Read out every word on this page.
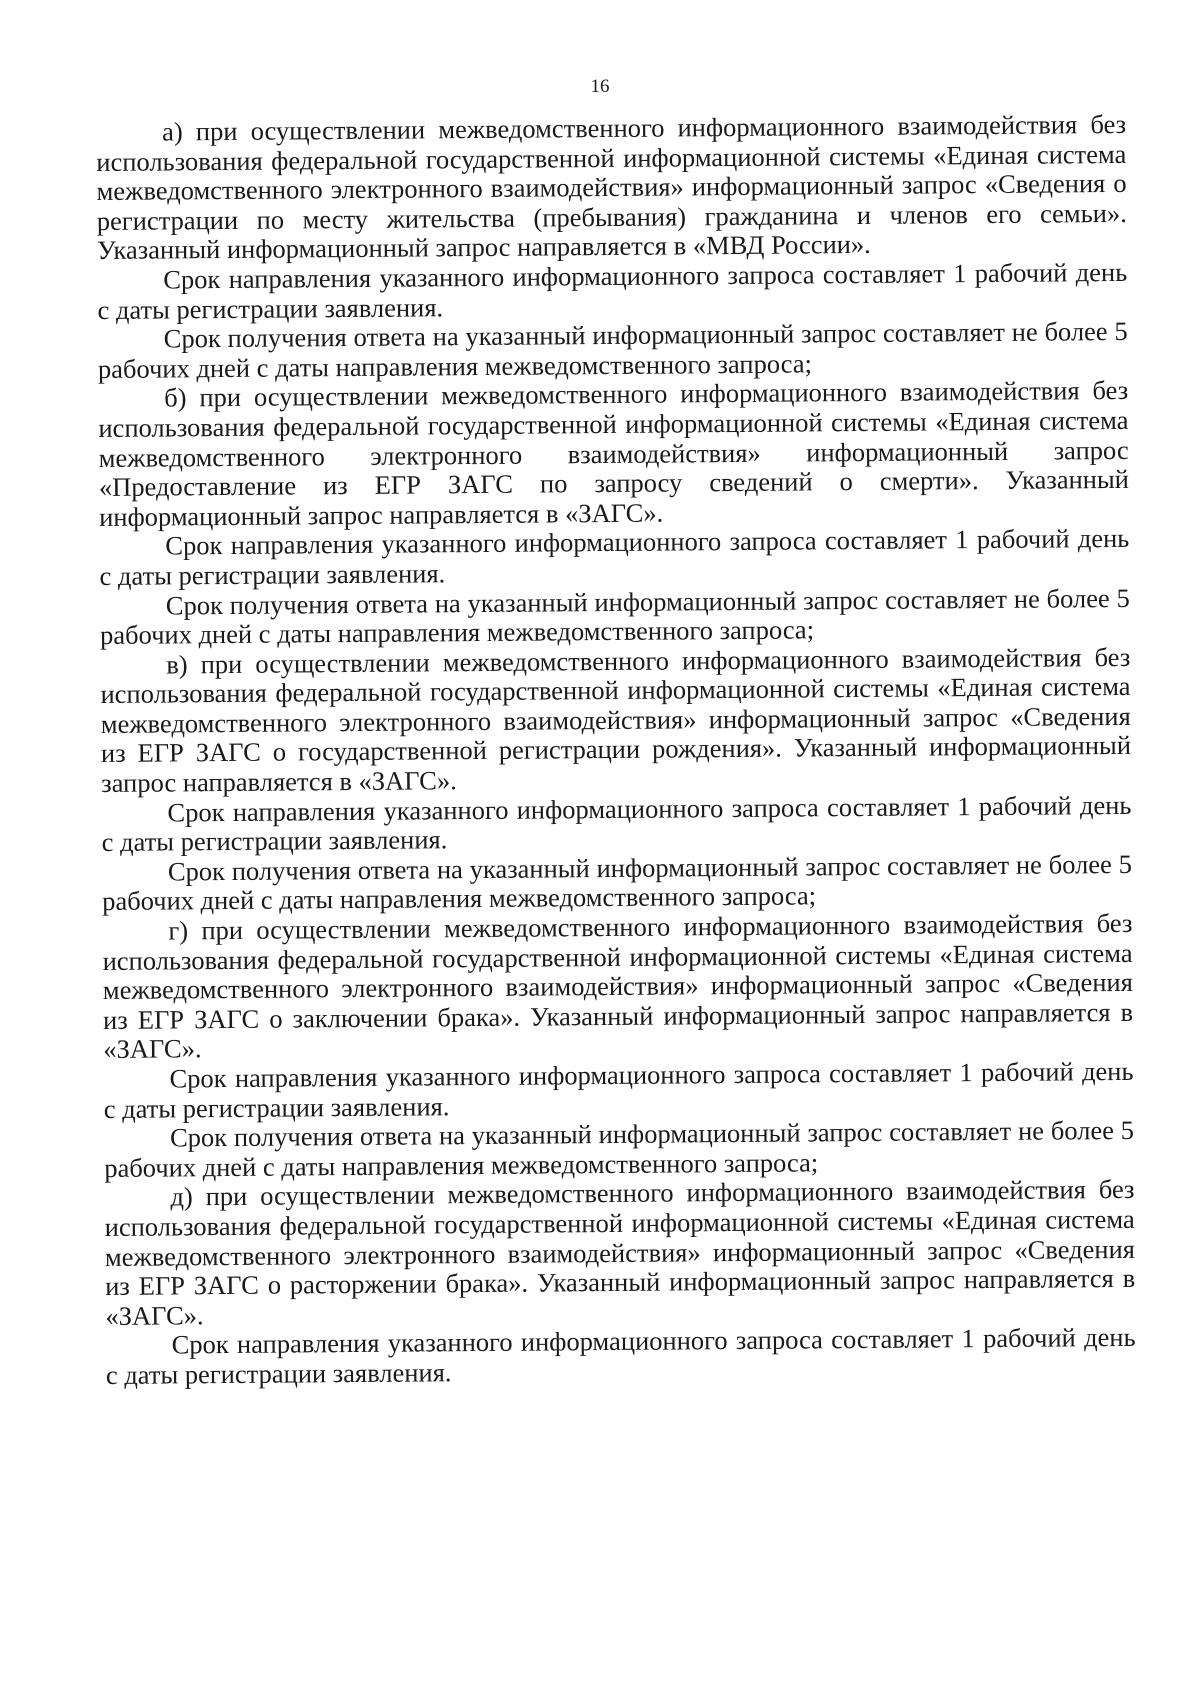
16

а) при осуществлении межведомственного информационного взаимодействия без использования федеральной государственной информационной системы «Единая система межведомственного электронного взаимодействия» информационный запрос «Сведения о регистрации по месту жительства (пребывания) гражданина и членов его семьи». Указанный информационный запрос направляется в «МВД России».

Срок направления указанного информационного запроса составляет 1 рабочий день с даты регистрации заявления.

Срок получения ответа на указанный информационный запрос составляет не более 5 рабочих дней с даты направления межведомственного запроса;

б) при осуществлении межведомственного информационного взаимодействия без использования федеральной государственной информационной системы «Единая система межведомственного электронного взаимодействия» информационный запрос «Предоставление из ЕГР ЗАГС по запросу сведений о смерти». Указанный информационный запрос направляется в «ЗАГС».

Срок направления указанного информационного запроса составляет 1 рабочий день с даты регистрации заявления.

Срок получения ответа на указанный информационный запрос составляет не более 5 рабочих дней с даты направления межведомственного запроса;

в) при осуществлении межведомственного информационного взаимодействия без использования федеральной государственной информационной системы «Единая система межведомственного электронного взаимодействия» информационный запрос «Сведения из ЕГР ЗАГС о государственной регистрации рождения». Указанный информационный запрос направляется в «ЗАГС».

Срок направления указанного информационного запроса составляет 1 рабочий день с даты регистрации заявления.

Срок получения ответа на указанный информационный запрос составляет не более 5 рабочих дней с даты направления межведомственного запроса;

г) при осуществлении межведомственного информационного взаимодействия без использования федеральной государственной информационной системы «Единая система межведомственного электронного взаимодействия» информационный запрос «Сведения из ЕГР ЗАГС о заключении брака». Указанный информационный запрос направляется в «ЗАГС».

Срок направления указанного информационного запроса составляет 1 рабочий день с даты регистрации заявления.

Срок получения ответа на указанный информационный запрос составляет не более 5 рабочих дней с даты направления межведомственного запроса;

д) при осуществлении межведомственного информационного взаимодействия без использования федеральной государственной информационной системы «Единая система межведомственного электронного взаимодействия» информационный запрос «Сведения из ЕГР ЗАГС о расторжении брака». Указанный информационный запрос направляется в «ЗАГС».

Срок направления указанного информационного запроса составляет 1 рабочий день с даты регистрации заявления.
